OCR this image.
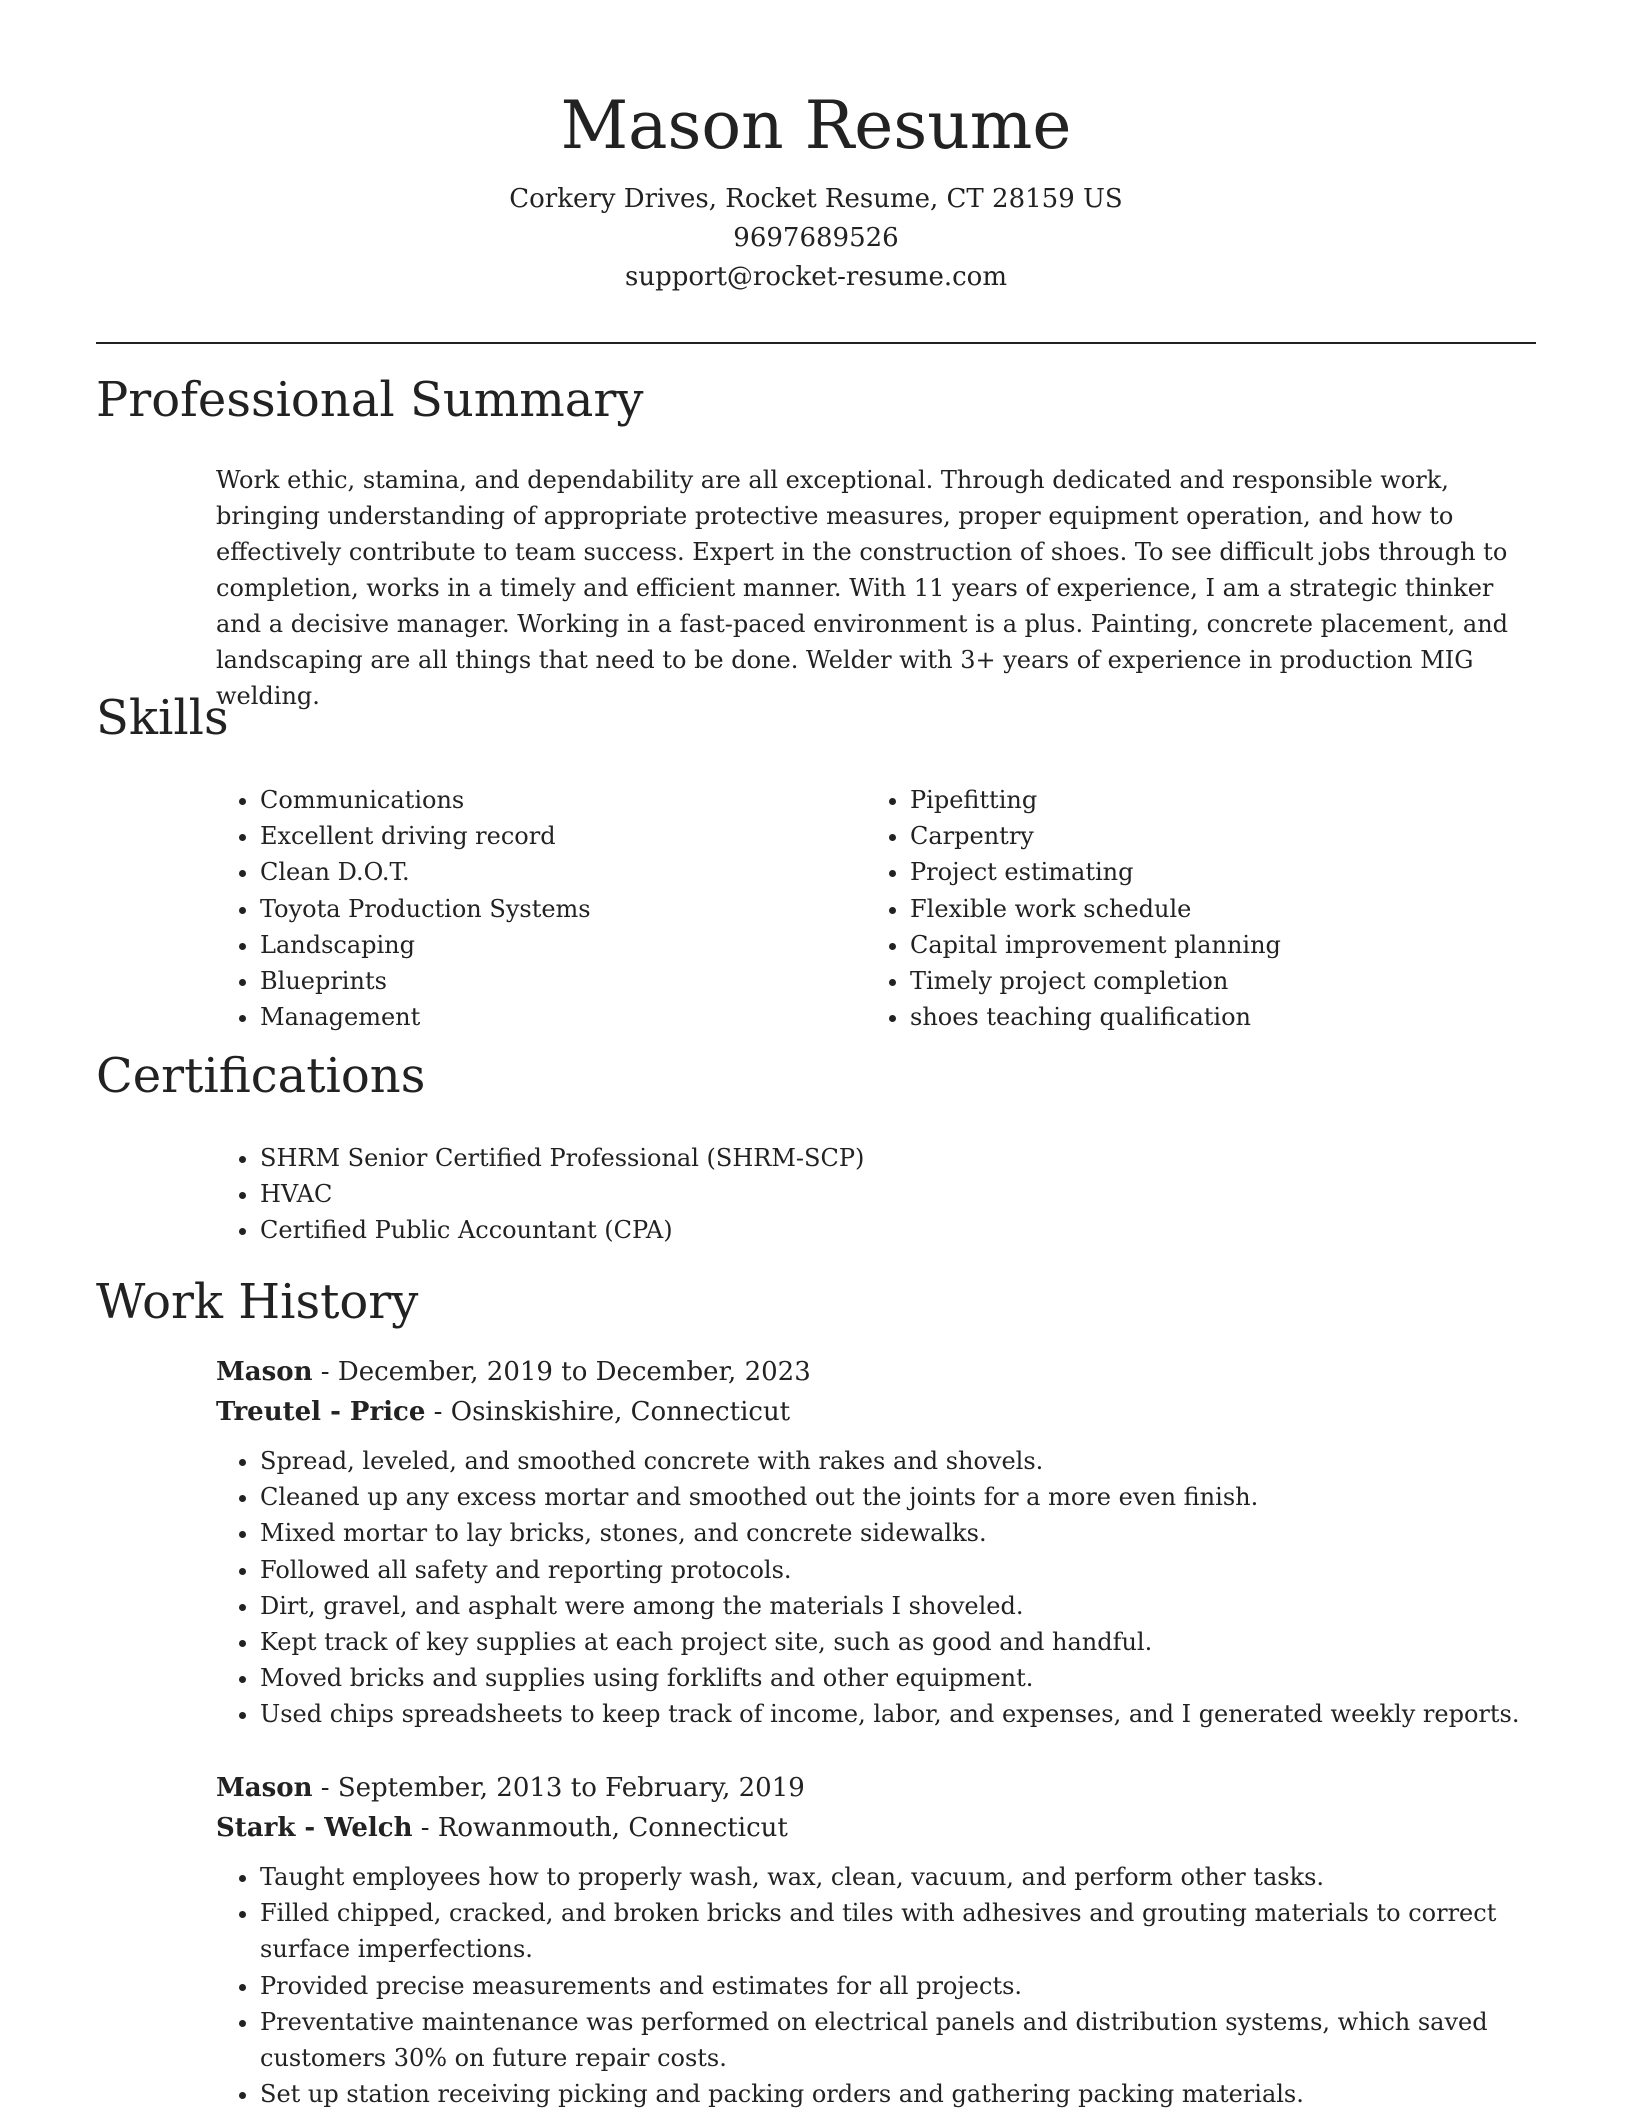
Mason Resume
Corkery Drives, Rocket Resume, CT 28159 US
9697689526
support@rocket-resume.com
Professional Summary

Work ethic, stamina, and dependability are all exceptional. Through dedicated and responsible work, bringing understanding of appropriate protective measures, proper equipment operation, and how to effectively contribute to team success. Expert in the construction of shoes. To see difficult jobs through to completion, works in a timely and efficient manner. With 11 years of experience, I am a strategic thinker and a decisive manager. Working in a fast-paced environment is a plus. Painting, concrete placement, and landscaping are all things that need to be done. Welder with 3+ years of experience in production MIG welding.

Skills
• Communications
• Excellent driving record
• Clean D.O.T.
• Toyota Production Systems
• Landscaping
• Blueprints
• Management
• Pipefitting
• Carpentry
• Project estimating
• Flexible work schedule
• Capital improvement planning
• Timely project completion
• shoes teaching qualification
Certifications
• SHRM Senior Certified Professional (SHRM-SCP)
• HVAC
• Certified Public Accountant (CPA)
Work History
Mason - December, 2019 to December, 2023
Treutel - Price - Osinskishire, Connecticut
• Spread, leveled, and smoothed concrete with rakes and shovels.
• Cleaned up any excess mortar and smoothed out the joints for a more even finish.
• Mixed mortar to lay bricks, stones, and concrete sidewalks.
• Followed all safety and reporting protocols.
• Dirt, gravel, and asphalt were among the materials I shoveled.
• Kept track of key supplies at each project site, such as good and handful.
• Moved bricks and supplies using forklifts and other equipment.
• Used chips spreadsheets to keep track of income, labor, and expenses, and I generated weekly reports.
Mason - September, 2013 to February, 2019
Stark - Welch - Rowanmouth, Connecticut
• Taught employees how to properly wash, wax, clean, vacuum, and perform other tasks.
• Filled chipped, cracked, and broken bricks and tiles with adhesives and grouting materials to correct surface imperfections.
• Provided precise measurements and estimates for all projects.
• Preventative maintenance was performed on electrical panels and distribution systems, which saved customers 30% on future repair costs.
• Set up station receiving picking and packing orders and gathering packing materials.
